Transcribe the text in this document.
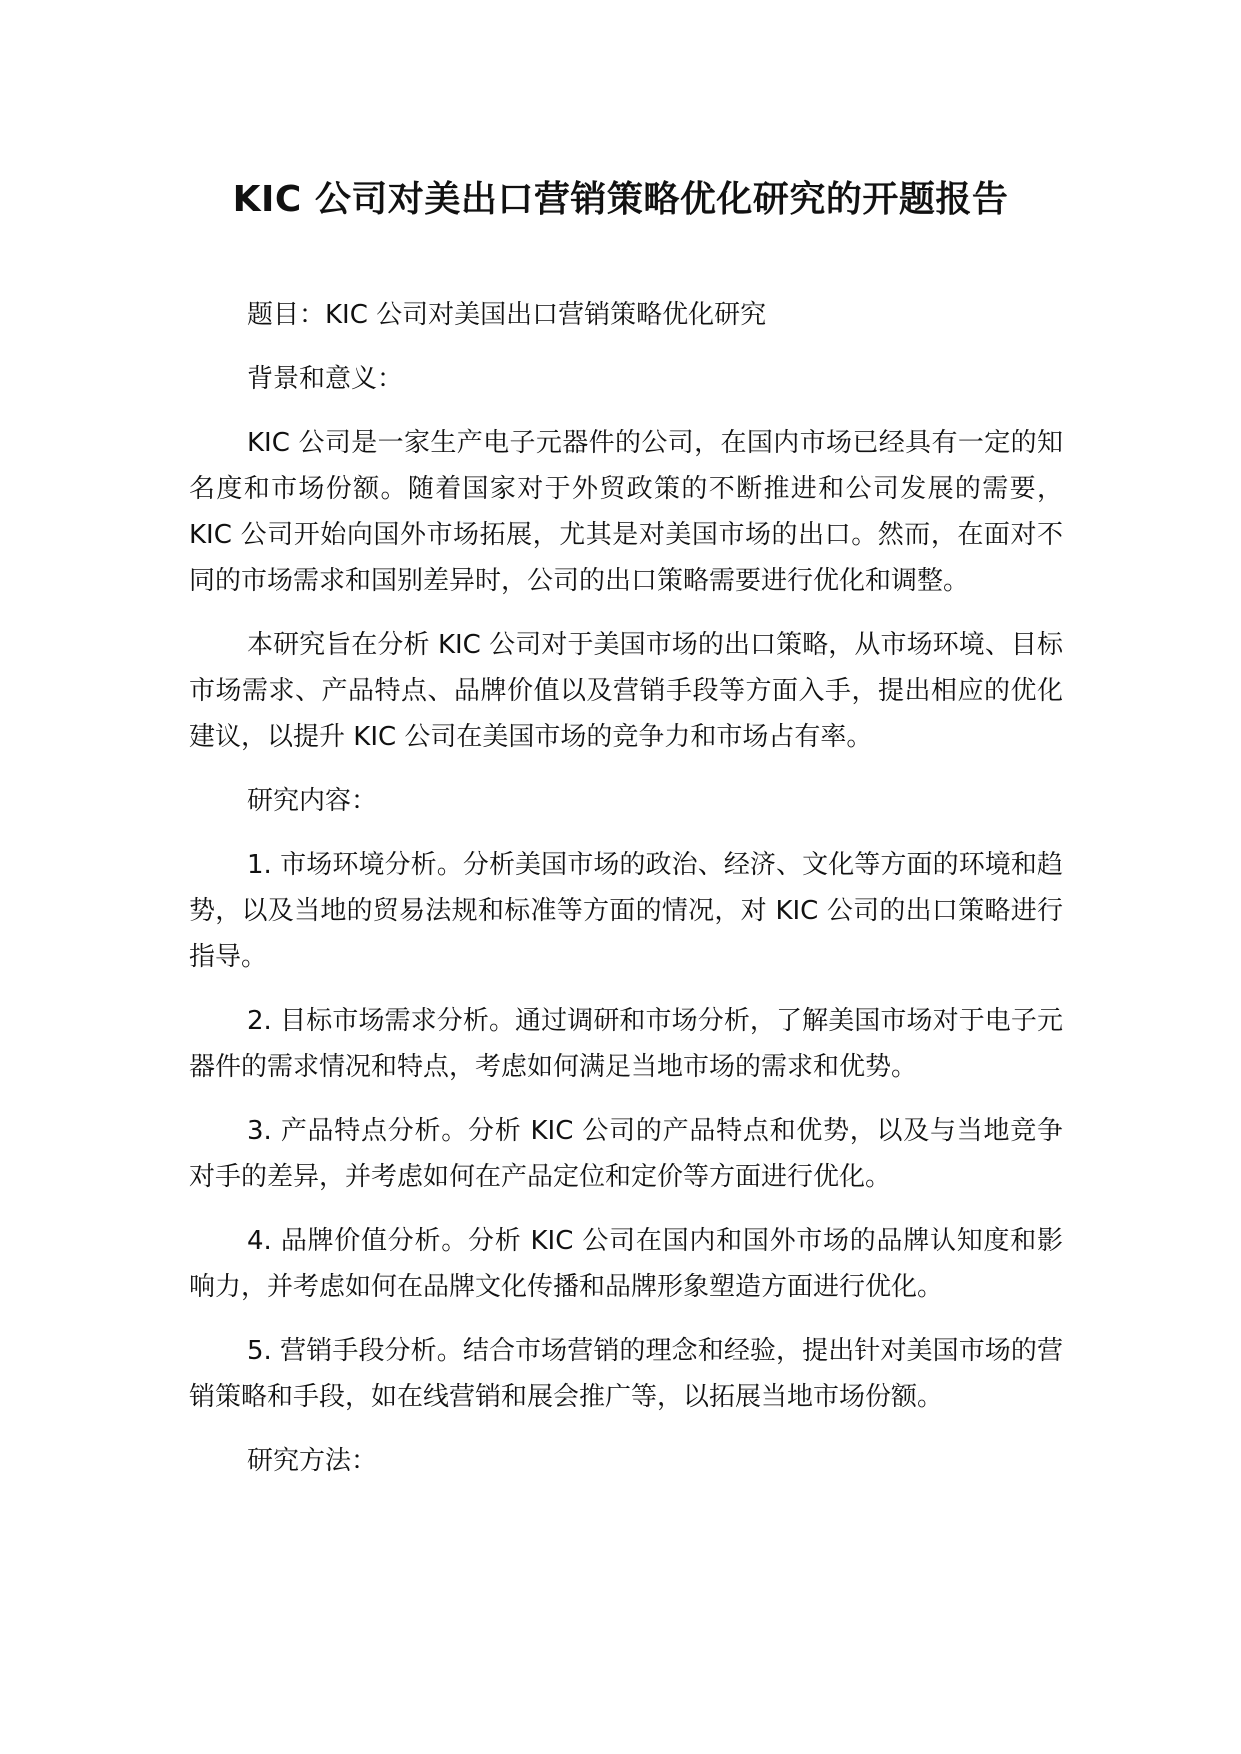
KIC 公司对美出口营销策略优化研究的开题报告

题目：KIC 公司对美国出口营销策略优化研究

背景和意义：

KIC 公司是一家生产电子元器件的公司，在国内市场已经具有一定的知名度和市场份额。随着国家对于外贸政策的不断推进和公司发展的需要，KIC 公司开始向国外市场拓展，尤其是对美国市场的出口。然而，在面对不同的市场需求和国别差异时，公司的出口策略需要进行优化和调整。

本研究旨在分析 KIC 公司对于美国市场的出口策略，从市场环境、目标市场需求、产品特点、品牌价值以及营销手段等方面入手，提出相应的优化建议，以提升 KIC 公司在美国市场的竞争力和市场占有率。

研究内容：

1. 市场环境分析。分析美国市场的政治、经济、文化等方面的环境和趋势，以及当地的贸易法规和标准等方面的情况，对 KIC 公司的出口策略进行指导。

2. 目标市场需求分析。通过调研和市场分析，了解美国市场对于电子元器件的需求情况和特点，考虑如何满足当地市场的需求和优势。

3. 产品特点分析。分析 KIC 公司的产品特点和优势，以及与当地竞争对手的差异，并考虑如何在产品定位和定价等方面进行优化。

4. 品牌价值分析。分析 KIC 公司在国内和国外市场的品牌认知度和影响力，并考虑如何在品牌文化传播和品牌形象塑造方面进行优化。

5. 营销手段分析。结合市场营销的理念和经验，提出针对美国市场的营销策略和手段，如在线营销和展会推广等，以拓展当地市场份额。

研究方法：
